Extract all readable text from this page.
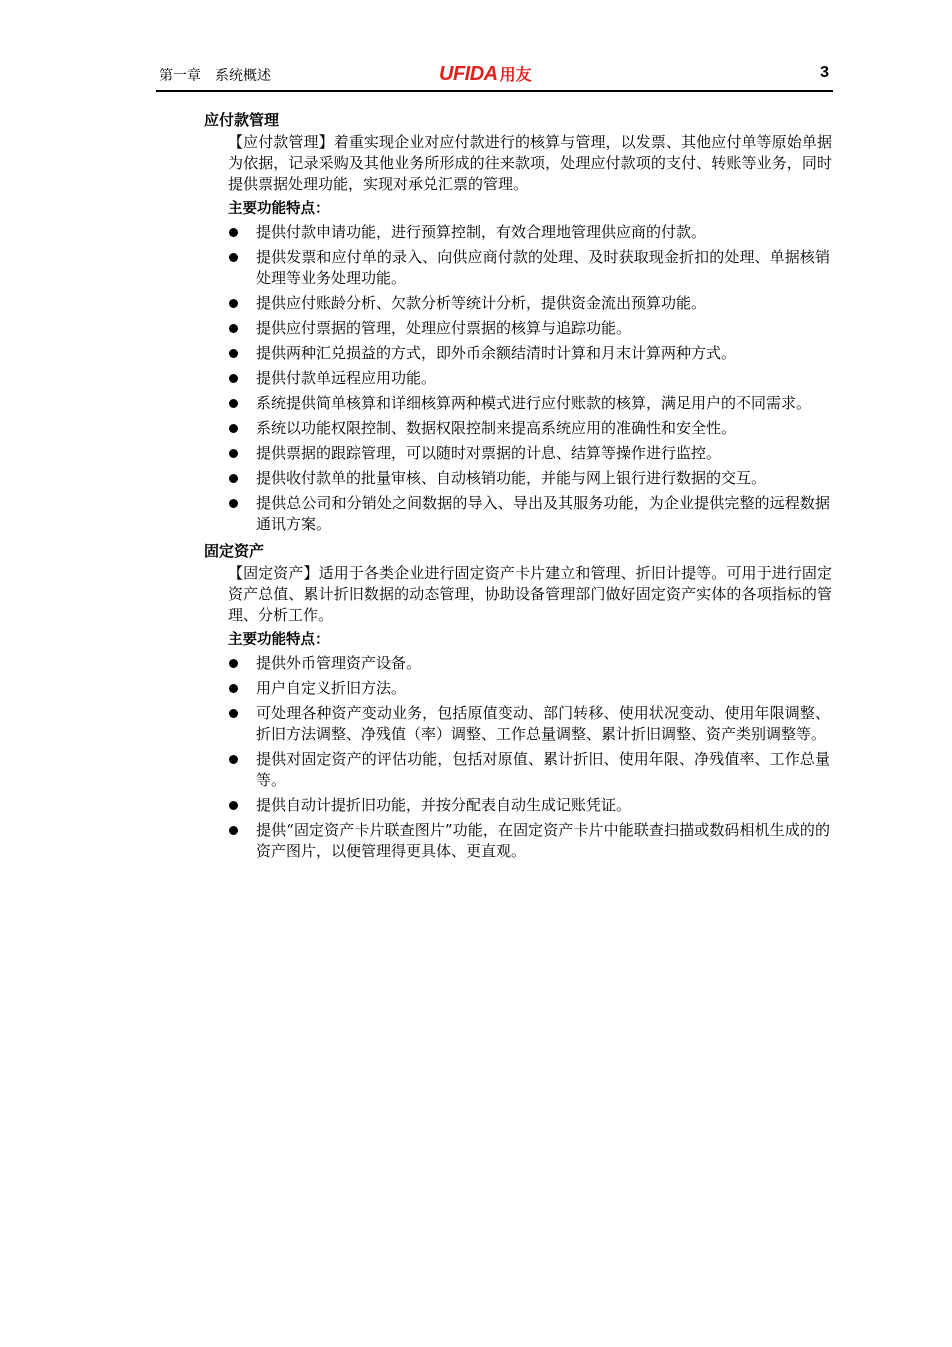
第一章　系统概述	UFIDA 用友	3
应付款管理

【应付款管理】着重实现企业对应付款进行的核算与管理，以发票、其他应付单等原始单据为依据，记录采购及其他业务所形成的往来款项，处理应付款项的支付、转账等业务，同时提供票据处理功能，实现对承兑汇票的管理。

主要功能特点：
提供付款申请功能，进行预算控制，有效合理地管理供应商的付款。
提供发票和应付单的录入、向供应商付款的处理、及时获取现金折扣的处理、单据核销处理等业务处理功能。
提供应付账龄分析、欠款分析等统计分析，提供资金流出预算功能。
提供应付票据的管理，处理应付票据的核算与追踪功能。
提供两种汇兑损益的方式，即外币余额结清时计算和月末计算两种方式。
提供付款单远程应用功能。
系统提供简单核算和详细核算两种模式进行应付账款的核算，满足用户的不同需求。
系统以功能权限控制、数据权限控制来提高系统应用的准确性和安全性。
提供票据的跟踪管理，可以随时对票据的计息、结算等操作进行监控。
提供收付款单的批量审核、自动核销功能，并能与网上银行进行数据的交互。
提供总公司和分销处之间数据的导入、导出及其服务功能，为企业提供完整的远程数据通讯方案。
固定资产

【固定资产】适用于各类企业进行固定资产卡片建立和管理、折旧计提等。可用于进行固定资产总值、累计折旧数据的动态管理，协助设备管理部门做好固定资产实体的各项指标的管理、分析工作。

主要功能特点：
提供外币管理资产设备。
用户自定义折旧方法。
可处理各种资产变动业务，包括原值变动、部门转移、使用状况变动、使用年限调整、折旧方法调整、净残值（率）调整、工作总量调整、累计折旧调整、资产类别调整等。
提供对固定资产的评估功能，包括对原值、累计折旧、使用年限、净残值率、工作总量等。
提供自动计提折旧功能，并按分配表自动生成记账凭证。
提供“固定资产卡片联查图片”功能，在固定资产卡片中能联查扫描或数码相机生成的的资产图片，以便管理得更具体、更直观。
